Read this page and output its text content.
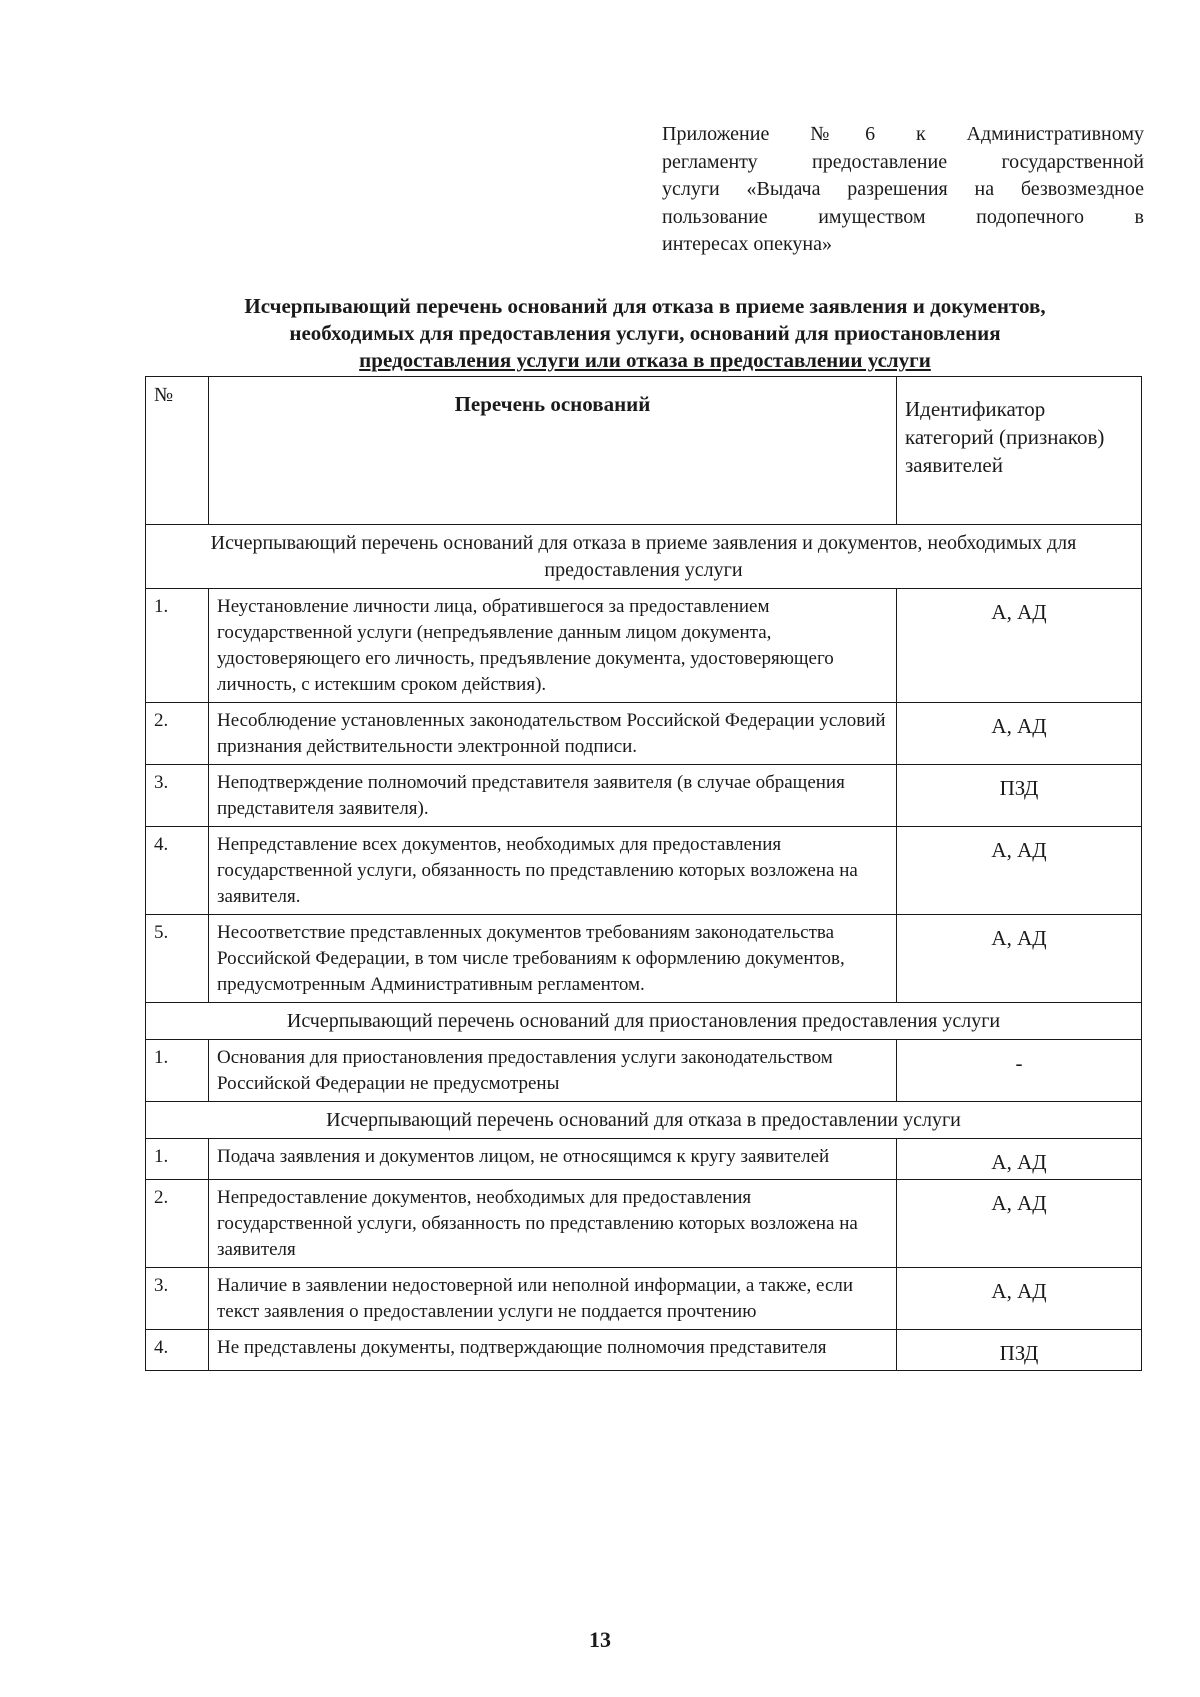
Приложение №6 к Административному
регламенту предоставление государственной
услуги «Выдача разрешения на безвозмездное
пользование имуществом подопечного в
интересах опекуна»
Исчерпывающий перечень оснований для отказа в приеме заявления и документов,
необходимых для предоставления услуги, оснований для приостановления
предоставления услуги или отказа в предоставлении услуги
№	Перечень оснований	Идентификатор категорий (признаков) заявителей
Исчерпывающий перечень оснований для отказа в приеме заявления и документов, необходимых для предоставления услуги		
1.	Неустановление личности лица, обратившегося за предоставлением государственной услуги (непредъявление данным лицом документа, удостоверяющего его личность, предъявление документа, удостоверяющего личность, с истекшим сроком действия).	А, АД
2.	Несоблюдение установленных законодательством Российской Федерации условий признания действительности электронной подписи.	А, АД
3.	Неподтверждение полномочий представителя заявителя (в случае обращения представителя заявителя).	ПЗД
4.	Непредставление всех документов, необходимых для предоставления государственной услуги, обязанность по представлению которых возложена на заявителя.	А, АД
5.	Несоответствие представленных документов требованиям законодательства Российской Федерации, в том числе требованиям к оформлению документов, предусмотренным Административным регламентом.	А, АД
Исчерпывающий перечень оснований для приостановления предоставления услуги		
1.	Основания для приостановления предоставления услуги законодательством Российской Федерации не предусмотрены	-
Исчерпывающий перечень оснований для отказа в предоставлении услуги		
1.	Подача заявления и документов лицом, не относящимся к кругу заявителей	А, АД
2.	Непредоставление документов, необходимых для предоставления государственной услуги, обязанность по представлению которых возложена на заявителя	А, АД
3.	Наличие в заявлении недостоверной или неполной информации, а также, если текст заявления о предоставлении услуги не поддается прочтению	А, АД
4.	Не представлены документы, подтверждающие полномочия представителя	ПЗД
13
